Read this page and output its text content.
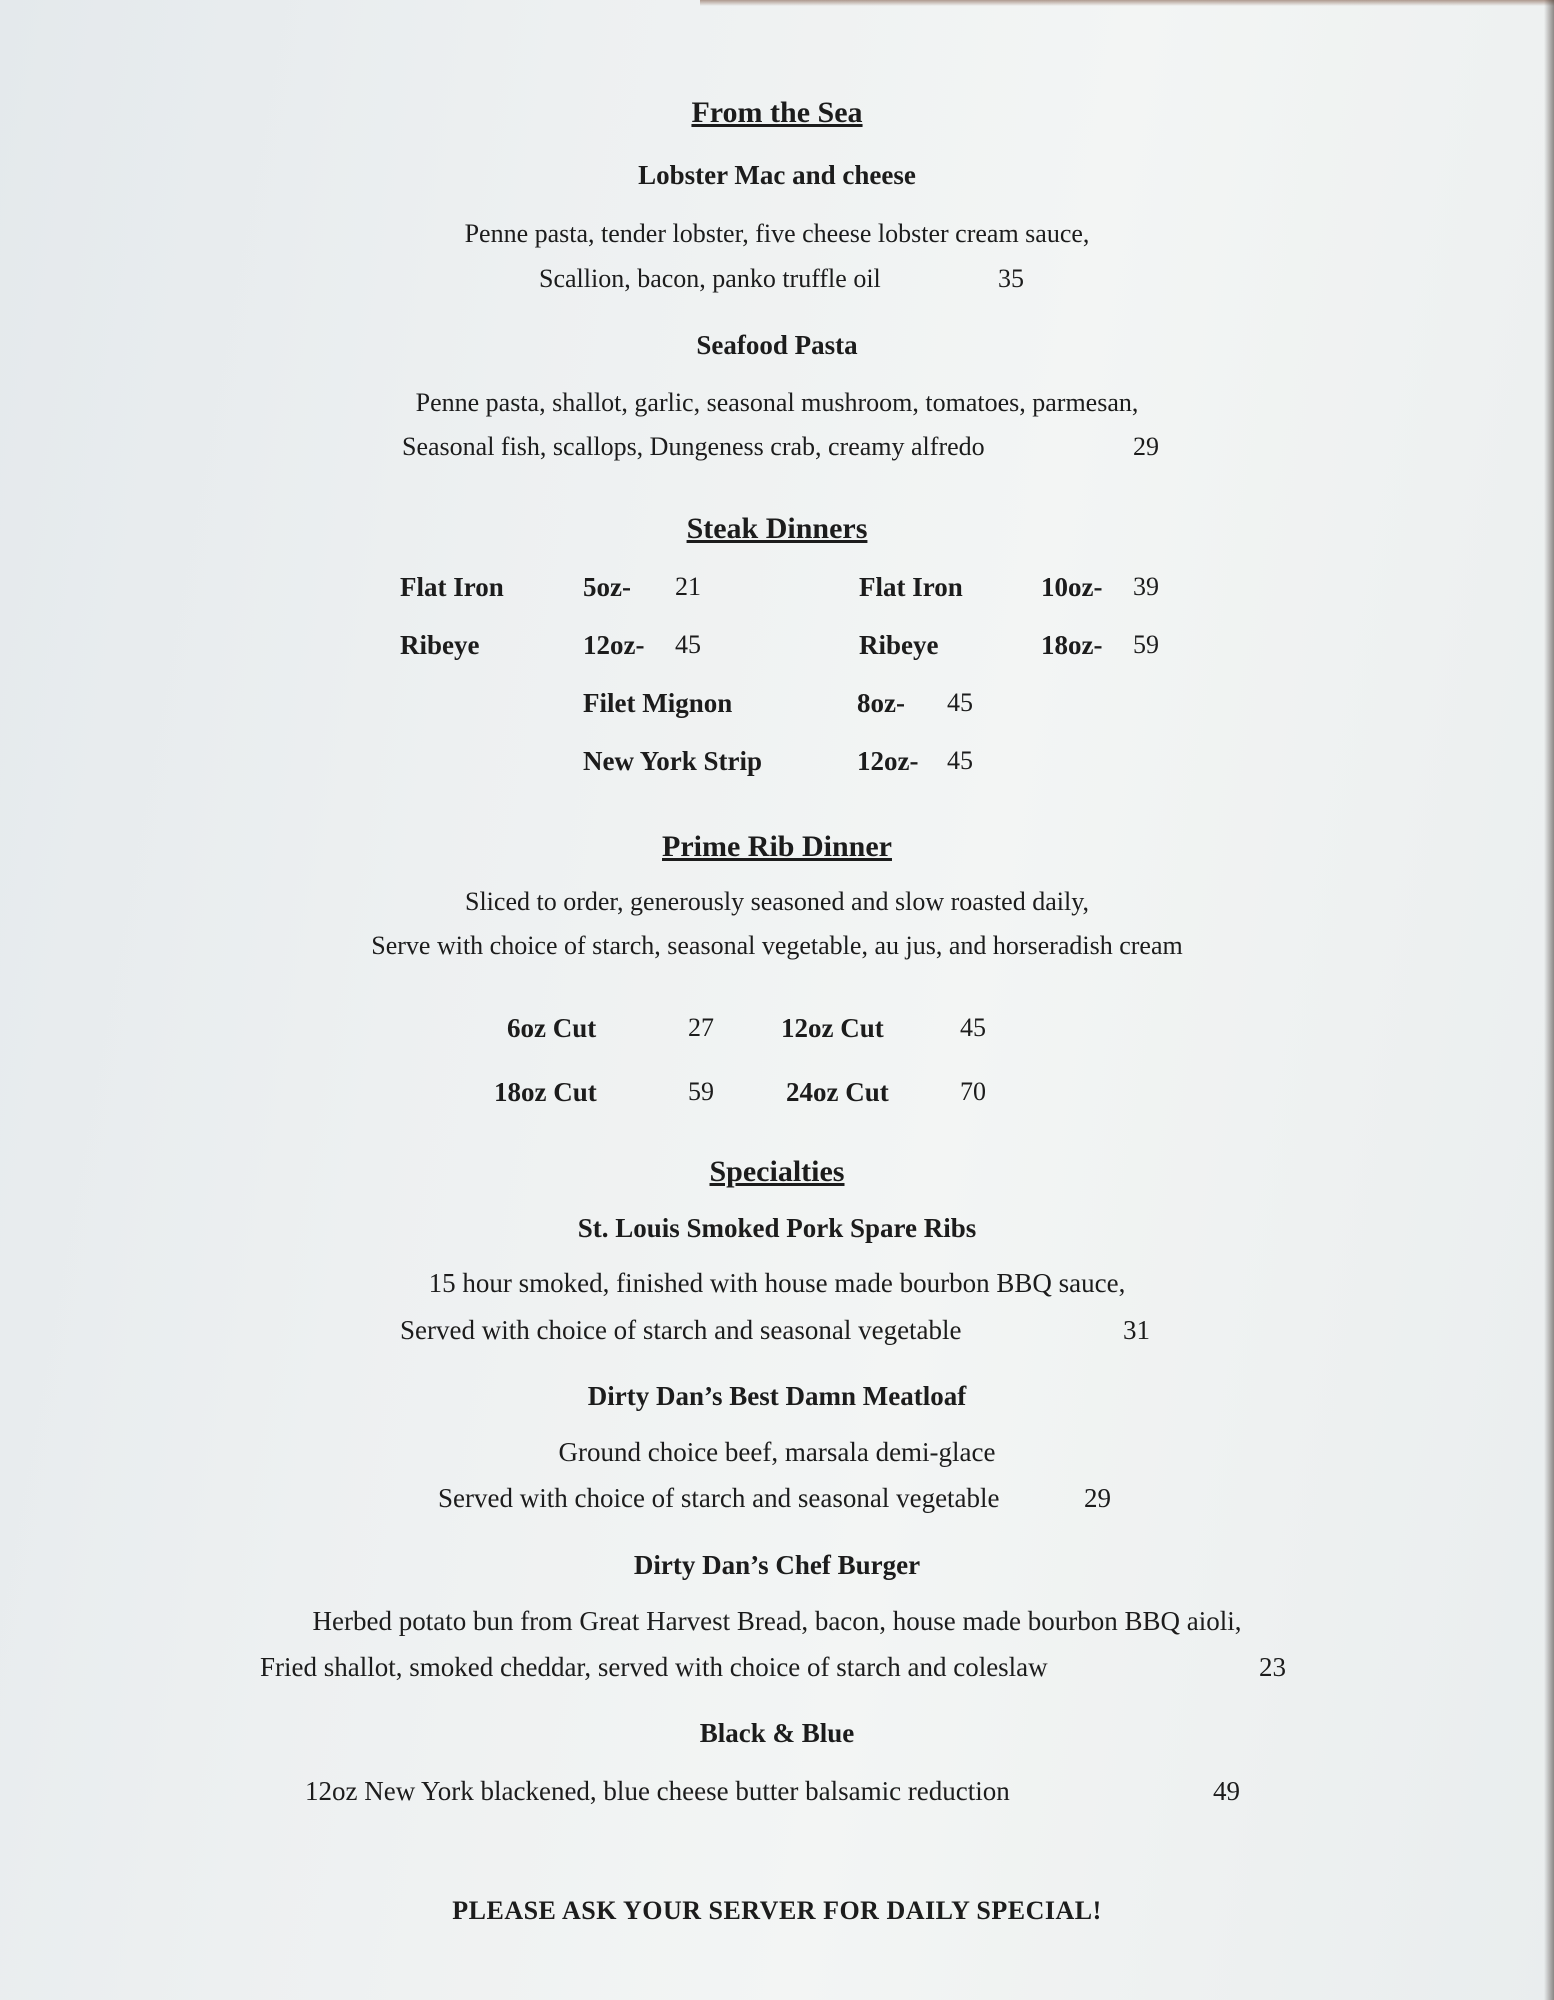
From the Sea
Lobster Mac and cheese
Penne pasta, tender lobster, five cheese lobster cream sauce,
Scallion, bacon, panko truffle oil	35
Seafood Pasta
Penne pasta, shallot, garlic, seasonal mushroom, tomatoes, parmesan,
Seasonal fish, scallops, Dungeness crab, creamy alfredo	29
Steak Dinners
Flat Iron	5oz- 21	Flat Iron	10oz- 39
Ribeye	12oz- 45	Ribeye	18oz- 59
Filet Mignon	8oz- 45
New York Strip	12oz- 45
Prime Rib Dinner
Sliced to order, generously seasoned and slow roasted daily,
Serve with choice of starch, seasonal vegetable, au jus, and horseradish cream
6oz Cut	27 12oz Cut	45
18oz Cut	59	24oz Cut	70
Specialties
St. Louis Smoked Pork Spare Ribs
15 hour smoked, finished with house made bourbon BBQ sauce,
Served with choice of starch and seasonal vegetable	31
Dirty Dan’s Best Damn Meatloaf
Ground choice beef, marsala demi-glace
Served with choice of starch and seasonal vegetable	29
Dirty Dan’s Chef Burger
Herbed potato bun from Great Harvest Bread, bacon, house made bourbon BBQ aioli,
Fried shallot, smoked cheddar, served with choice of starch and coleslaw	23
Black & Blue
12oz New York blackened, blue cheese butter balsamic reduction	49
PLEASE ASK YOUR SERVER FOR DAILY SPECIAL!
